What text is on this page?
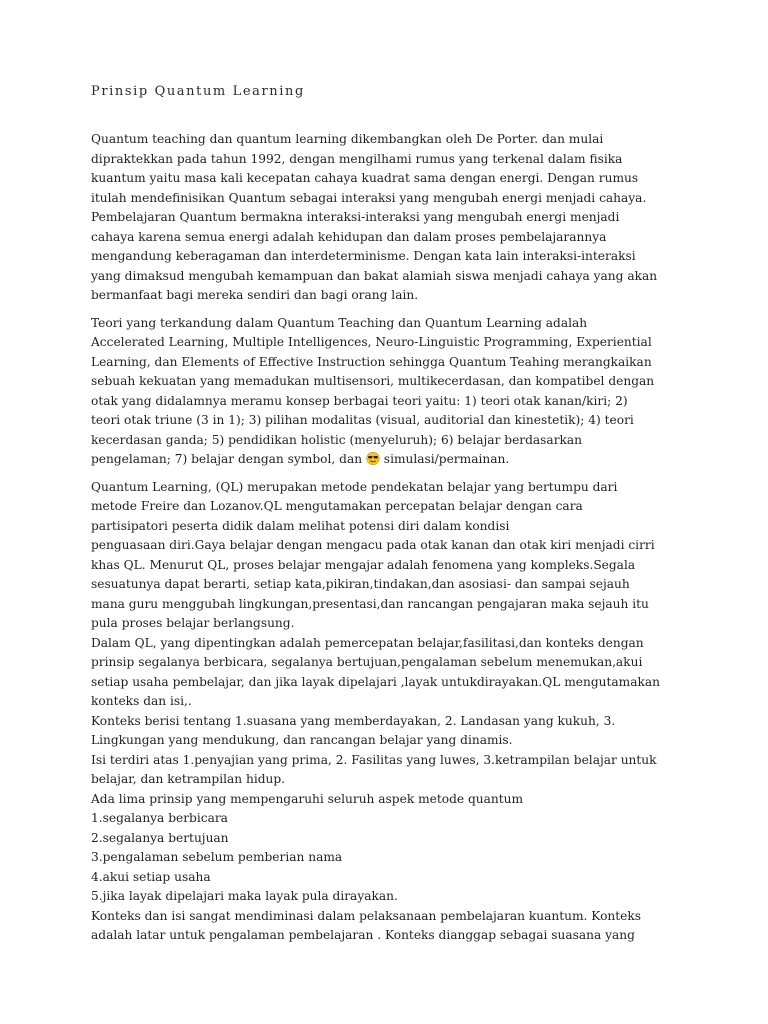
Prinsip Quantum Learning
Quantum teaching dan quantum learning dikembangkan oleh De Porter. dan mulai
dipraktekkan pada tahun 1992, dengan mengilhami rumus yang terkenal dalam fisika
kuantum yaitu masa kali kecepatan cahaya kuadrat sama dengan energi. Dengan rumus
itulah mendefinisikan Quantum sebagai interaksi yang mengubah energi menjadi cahaya.
Pembelajaran Quantum bermakna interaksi-interaksi yang mengubah energi menjadi
cahaya karena semua energi adalah kehidupan dan dalam proses pembelajarannya
mengandung keberagaman dan interdeterminisme. Dengan kata lain interaksi-interaksi
yang dimaksud mengubah kemampuan dan bakat alamiah siswa menjadi cahaya yang akan
bermanfaat bagi mereka sendiri dan bagi orang lain.
Teori yang terkandung dalam Quantum Teaching dan Quantum Learning adalah
Accelerated Learning, Multiple Intelligences, Neuro-Linguistic Programming, Experiential
Learning, dan Elements of Effective Instruction sehingga Quantum Teahing merangkaikan
sebuah kekuatan yang memadukan multisensori, multikecerdasan, dan kompatibel dengan
otak yang didalamnya meramu konsep berbagai teori yaitu: 1) teori otak kanan/kiri; 2)
teori otak triune (3 in 1); 3) pilihan modalitas (visual, auditorial dan kinestetik); 4) teori
kecerdasan ganda; 5) pendidikan holistic (menyeluruh); 6) belajar berdasarkan
pengelaman; 7) belajar dengan symbol, dan  simulasi/permainan.
Quantum Learning, (QL) merupakan metode pendekatan belajar yang bertumpu dari
metode Freire dan Lozanov.QL mengutamakan percepatan belajar dengan cara
partisipatori peserta didik dalam melihat potensi diri dalam kondisi
penguasaan diri.Gaya belajar dengan mengacu pada otak kanan dan otak kiri menjadi cirri
khas QL. Menurut QL, proses belajar mengajar adalah fenomena yang kompleks.Segala
sesuatunya dapat berarti, setiap kata,pikiran,tindakan,dan asosiasi- dan sampai sejauh
mana guru menggubah lingkungan,presentasi,dan rancangan pengajaran maka sejauh itu
pula proses belajar berlangsung.
Dalam QL, yang dipentingkan adalah pemercepatan belajar,fasilitasi,dan konteks dengan
prinsip segalanya berbicara, segalanya bertujuan,pengalaman sebelum menemukan,akui
setiap usaha pembelajar, dan jika layak dipelajari ,layak untukdirayakan.QL mengutamakan
konteks dan isi,.
Konteks berisi tentang 1.suasana yang memberdayakan, 2. Landasan yang kukuh, 3.
Lingkungan yang mendukung, dan rancangan belajar yang dinamis.
Isi terdiri atas 1.penyajian yang prima, 2. Fasilitas yang luwes, 3.ketrampilan belajar untuk
belajar, dan ketrampilan hidup.
Ada lima prinsip yang mempengaruhi seluruh aspek metode quantum
1.segalanya berbicara
2.segalanya bertujuan
3.pengalaman sebelum pemberian nama
4.akui setiap usaha
5.jika layak dipelajari maka layak pula dirayakan.
Konteks dan isi sangat mendiminasi dalam pelaksanaan pembelajaran kuantum. Konteks
adalah latar untuk pengalaman pembelajaran . Konteks dianggap sebagai suasana yang
